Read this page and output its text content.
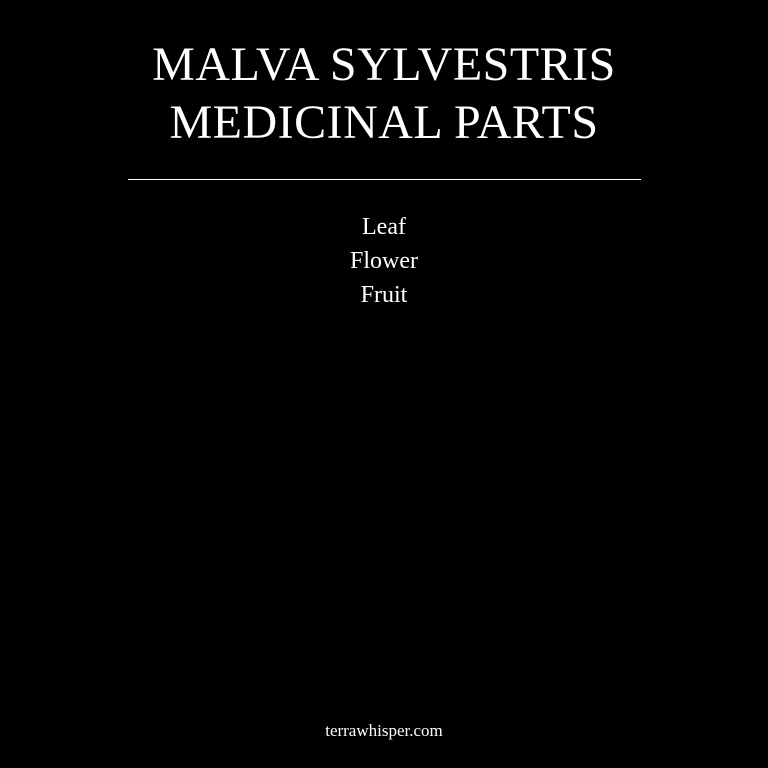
MALVA SYLVESTRIS
MEDICINAL PARTS
Leaf
Flower
Fruit
terrawhisper.com
